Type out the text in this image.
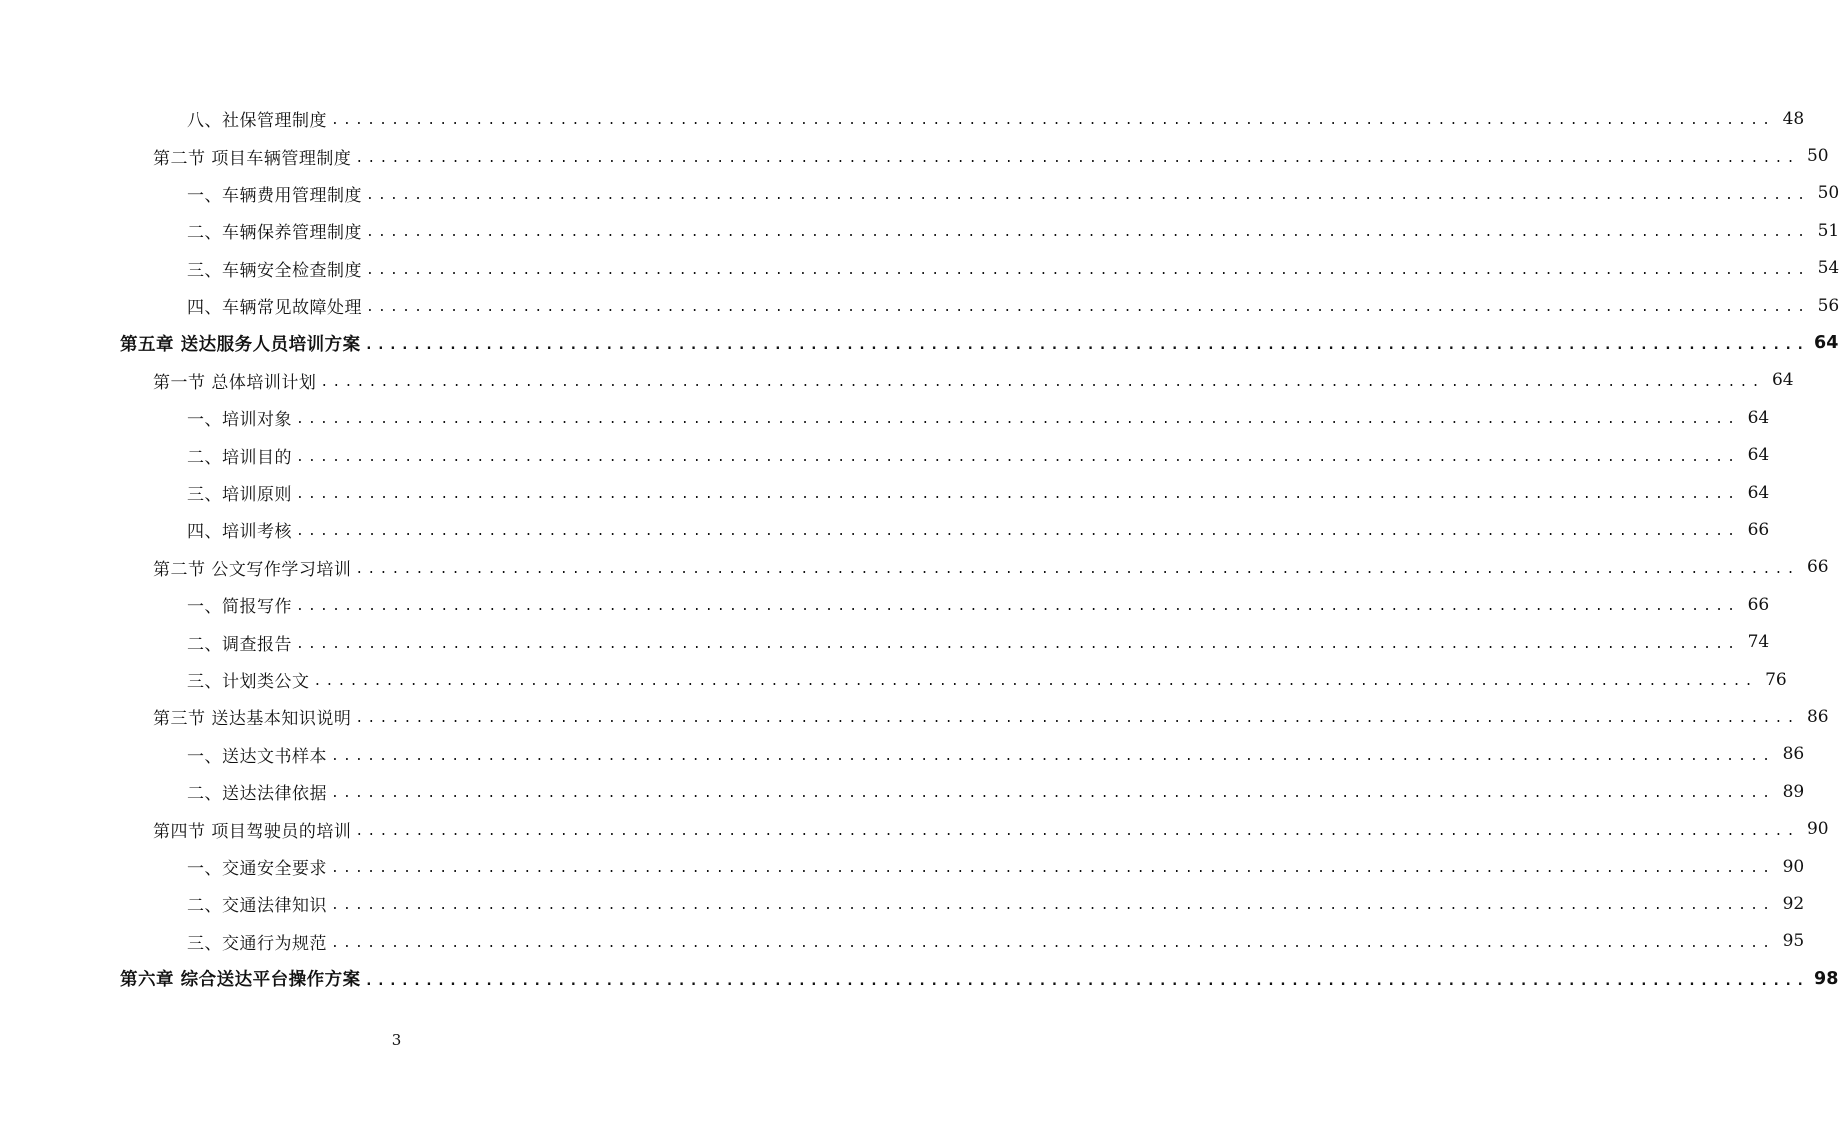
八、社保管理制度 ........................................................................................................................ 48
第二节 项目车辆管理制度 ........................................................................................................................ 50
一、车辆费用管理制度 ........................................................................................................................ 50
二、车辆保养管理制度 ........................................................................................................................ 51
三、车辆安全检查制度 ........................................................................................................................ 54
四、车辆常见故障处理 ........................................................................................................................ 56
第五章 送达服务人员培训方案 ........................................................................................................................ 64
第一节 总体培训计划 ........................................................................................................................ 64
一、培训对象 ........................................................................................................................ 64
二、培训目的 ........................................................................................................................ 64
三、培训原则 ........................................................................................................................ 64
四、培训考核 ........................................................................................................................ 66
第二节 公文写作学习培训 ........................................................................................................................ 66
一、简报写作 ........................................................................................................................ 66
二、调查报告 ........................................................................................................................ 74
三、计划类公文 ........................................................................................................................ 76
第三节 送达基本知识说明 ........................................................................................................................ 86
一、送达文书样本 ........................................................................................................................ 86
二、送达法律依据 ........................................................................................................................ 89
第四节 项目驾驶员的培训 ........................................................................................................................ 90
一、交通安全要求 ........................................................................................................................ 90
二、交通法律知识 ........................................................................................................................ 92
三、交通行为规范 ........................................................................................................................ 95
第六章 综合送达平台操作方案 ........................................................................................................................ 98
3
